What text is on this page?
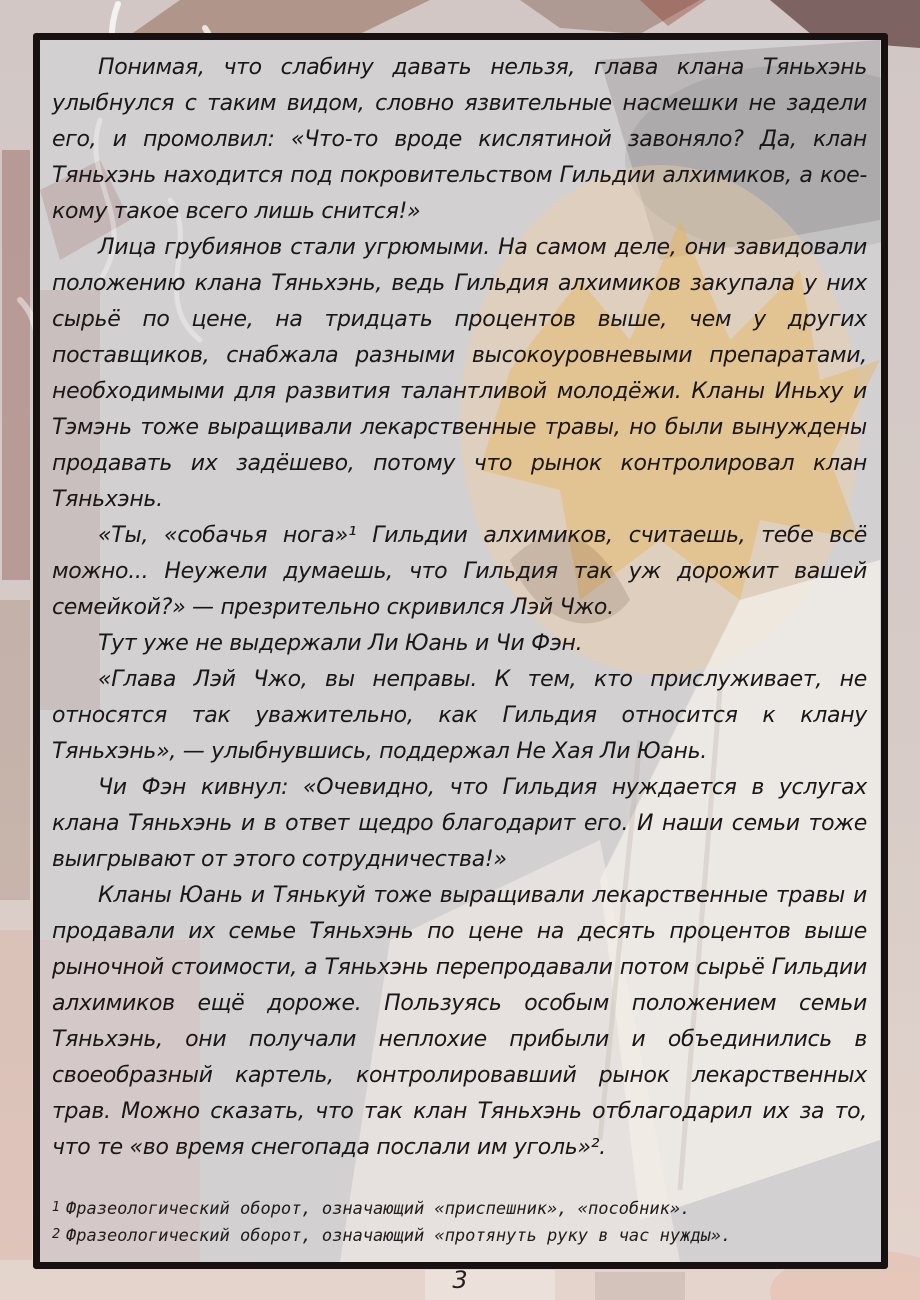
Понимая, что слабину давать нельзя, глава клана Тяньхэнь улыбнулся с таким видом, словно язвительные насмешки не задели его, и промолвил: «Что-то вроде кислятиной завоняло? Да, клан Тяньхэнь находится под покровительством Гильдии алхимиков, а кое-кому такое всего лишь снится!»

Лица грубиянов стали угрюмыми. На самом деле, они завидовали положению клана Тяньхэнь, ведь Гильдия алхимиков закупала у них сырьё по цене, на тридцать процентов выше, чем у других поставщиков, снабжала разными высокоуровневыми препаратами, необходимыми для развития талантливой молодёжи. Кланы Иньху и Тэмэнь тоже выращивали лекарственные травы, но были вынуждены продавать их задёшево, потому что рынок контролировал клан Тяньхэнь.

«Ты, «собачья нога»¹ Гильдии алхимиков, считаешь, тебе всё можно... Неужели думаешь, что Гильдия так уж дорожит вашей семейкой?» — презрительно скривился Лэй Чжо.

Тут уже не выдержали Ли Юань и Чи Фэн.

«Глава Лэй Чжо, вы неправы. К тем, кто прислуживает, не относятся так уважительно, как Гильдия относится к клану Тяньхэнь», — улыбнувшись, поддержал Не Хая Ли Юань.

Чи Фэн кивнул: «Очевидно, что Гильдия нуждается в услугах клана Тяньхэнь и в ответ щедро благодарит его. И наши семьи тоже выигрывают от этого сотрудничества!»

Кланы Юань и Тянькуй тоже выращивали лекарственные травы и продавали их семье Тяньхэнь по цене на десять процентов выше рыночной стоимости, а Тяньхэнь перепродавали потом сырьё Гильдии алхимиков ещё дороже. Пользуясь особым положением семьи Тяньхэнь, они получали неплохие прибыли и объединились в своеобразный картель, контролировавший рынок лекарственных трав. Можно сказать, что так клан Тяньхэнь отблагодарил их за то, что те «во время снегопада послали им уголь»².

1 Фразеологический оборот, означающий «приспешник», «пособник».
2 Фразеологический оборот, означающий «протянуть руку в час нужды».
3
